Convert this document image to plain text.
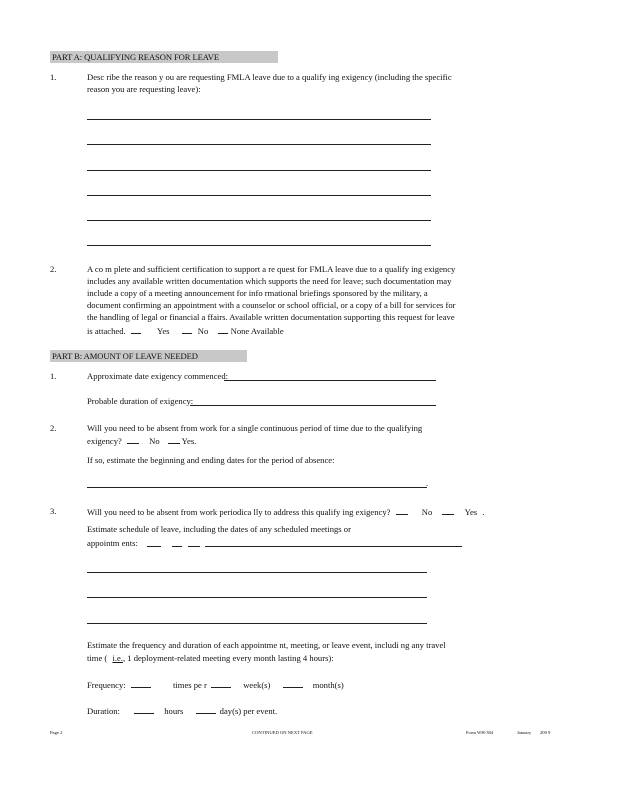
PART A: QUALIFYING REASON FOR LEAVE
1.	Desc ribe the reason y ou are requesting FMLA leave due to a qualify ing exigency (including the specific
reason you are requesting leave):
2.	A co m plete and sufficient certification to support a re quest for FMLA leave due to a qualify ing exigency
includes any available written documentation which supports the need for leave; such documentation may
include a copy of a meeting announcement for info rmational briefings sponsored by the military, a
document confirming an appointment with a counselor or school official, or a copy of a bill for services for
the handling of legal or financial a ffairs. Available written documentation supporting this request for leave
is attached.	Yes	No	None Available
PART B: AMOUNT OF LEAVE NEEDED
1.	Approximate date exigency commenced:
Probable duration of exigency:
2.	Will you need to be absent from work for a single continuous period of time due to the qualifying
exigency?	No	Yes.
If so, estimate the beginning and ending dates for the period of absence:
.
3.	Will you need to be absent from work periodica lly to address this qualify ing exigency?	No	Yes .
Estimate schedule of leave, including the dates of any scheduled meetings or
appointm ents:
Estimate the frequency and duration of each appointme nt, meeting, or leave event, includi ng any travel
time ( i.e., 1 deployment-related meeting every month lasting 4 hours):
Frequency:	times pe r	week(s)	month(s)
Duration:	hours	day(s) per event.
Page 2	CONTINUED ON NEXT PAGE	Form WH-384	January 200 9
